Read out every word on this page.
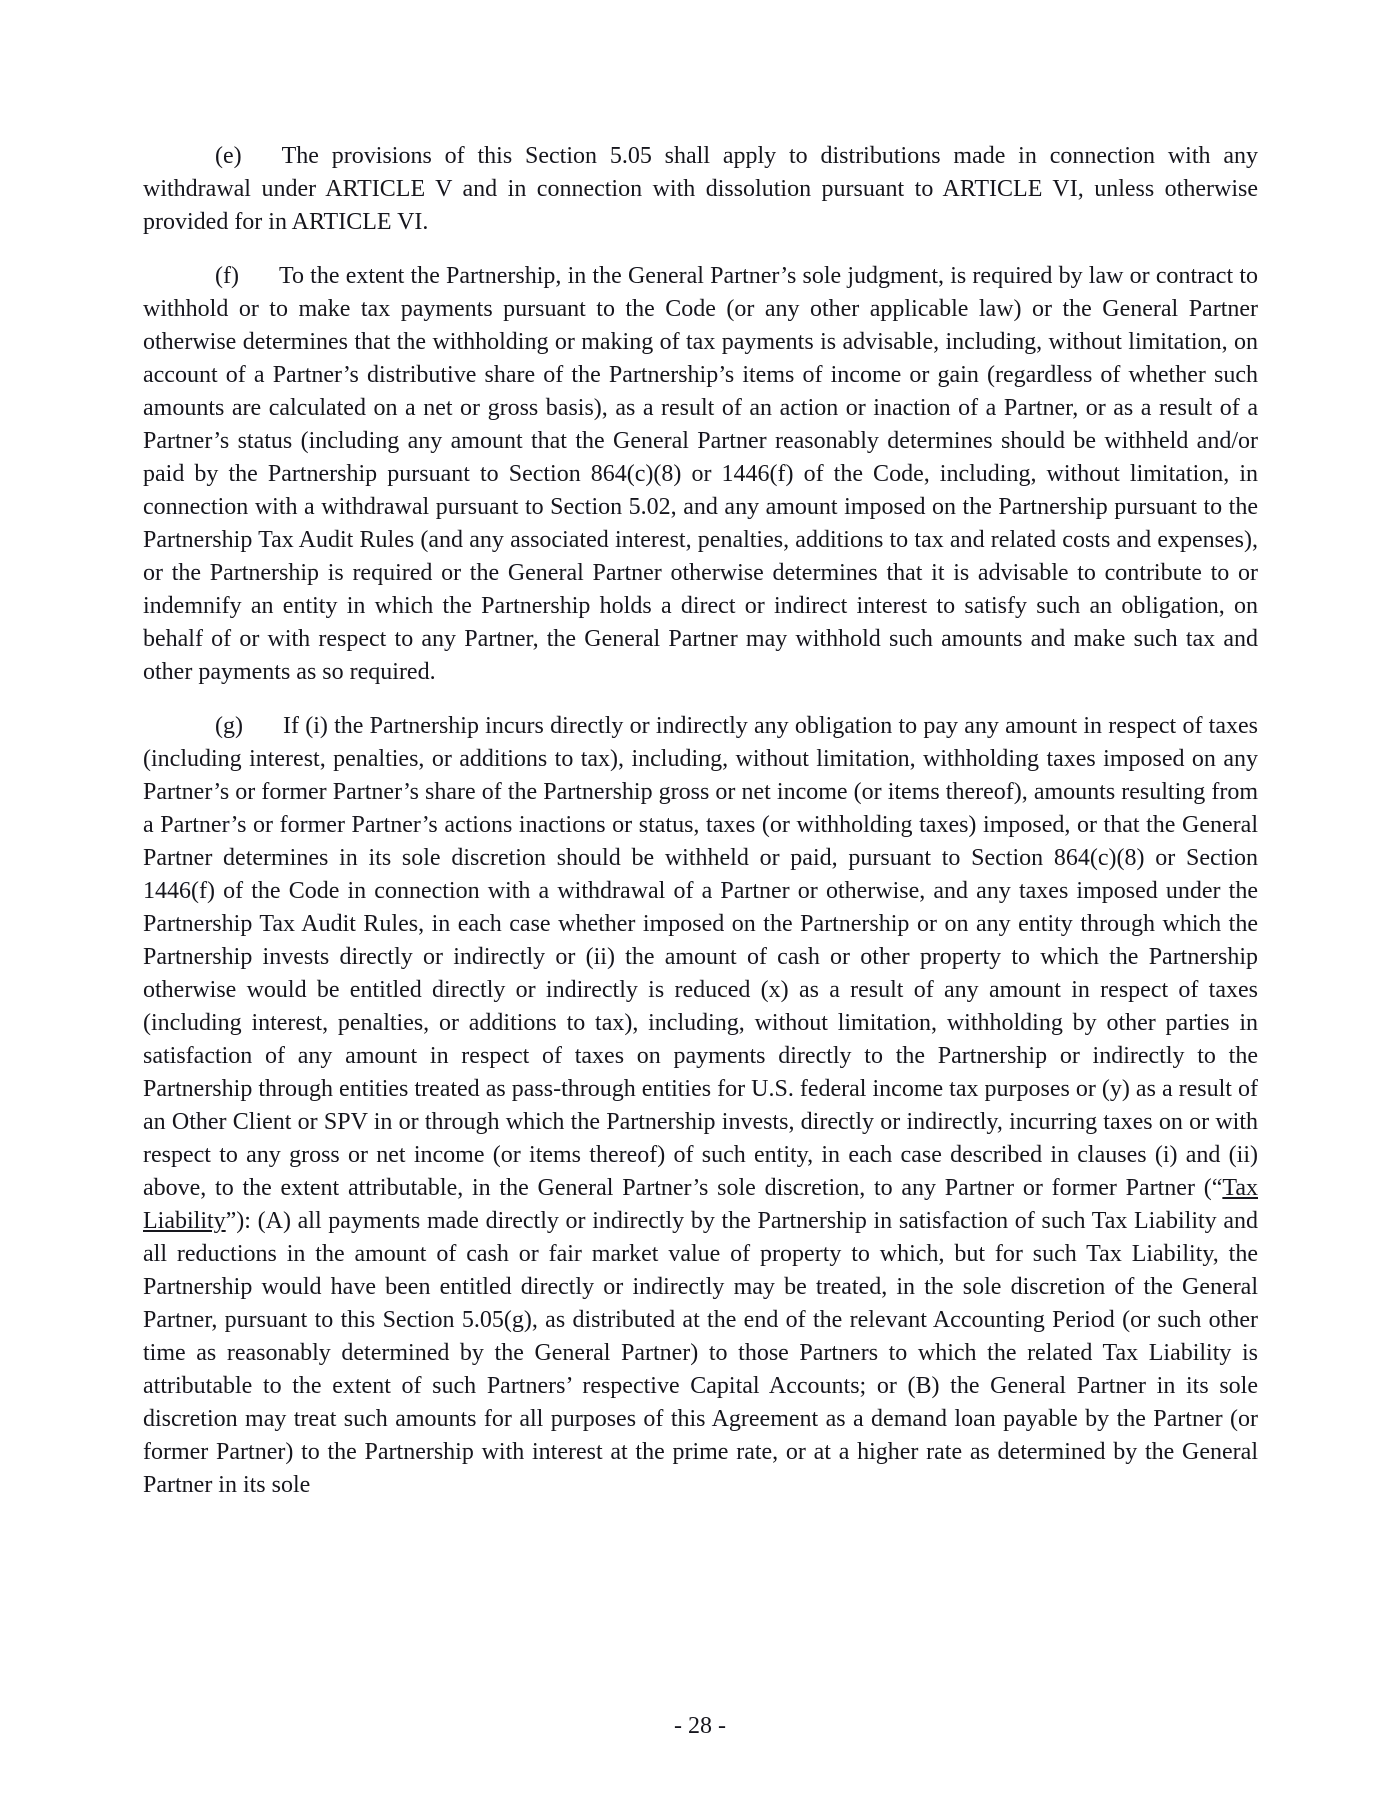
(e) The provisions of this Section 5.05 shall apply to distributions made in connection with any withdrawal under ARTICLE V and in connection with dissolution pursuant to ARTICLE VI, unless otherwise provided for in ARTICLE VI.

(f) To the extent the Partnership, in the General Partner’s sole judgment, is required by law or contract to withhold or to make tax payments pursuant to the Code (or any other applicable law) or the General Partner otherwise determines that the withholding or making of tax payments is advisable, including, without limitation, on account of a Partner’s distributive share of the Partnership’s items of income or gain (regardless of whether such amounts are calculated on a net or gross basis), as a result of an action or inaction of a Partner, or as a result of a Partner’s status (including any amount that the General Partner reasonably determines should be withheld and/or paid by the Partnership pursuant to Section 864(c)(8) or 1446(f) of the Code, including, without limitation, in connection with a withdrawal pursuant to Section 5.02, and any amount imposed on the Partnership pursuant to the Partnership Tax Audit Rules (and any associated interest, penalties, additions to tax and related costs and expenses), or the Partnership is required or the General Partner otherwise determines that it is advisable to contribute to or indemnify an entity in which the Partnership holds a direct or indirect interest to satisfy such an obligation, on behalf of or with respect to any Partner, the General Partner may withhold such amounts and make such tax and other payments as so required.

(g) If (i) the Partnership incurs directly or indirectly any obligation to pay any amount in respect of taxes (including interest, penalties, or additions to tax), including, without limitation, withholding taxes imposed on any Partner’s or former Partner’s share of the Partnership gross or net income (or items thereof), amounts resulting from a Partner’s or former Partner’s actions inactions or status, taxes (or withholding taxes) imposed, or that the General Partner determines in its sole discretion should be withheld or paid, pursuant to Section 864(c)(8) or Section 1446(f) of the Code in connection with a withdrawal of a Partner or otherwise, and any taxes imposed under the Partnership Tax Audit Rules, in each case whether imposed on the Partnership or on any entity through which the Partnership invests directly or indirectly or (ii) the amount of cash or other property to which the Partnership otherwise would be entitled directly or indirectly is reduced (x) as a result of any amount in respect of taxes (including interest, penalties, or additions to tax), including, without limitation, withholding by other parties in satisfaction of any amount in respect of taxes on payments directly to the Partnership or indirectly to the Partnership through entities treated as pass-through entities for U.S. federal income tax purposes or (y) as a result of an Other Client or SPV in or through which the Partnership invests, directly or indirectly, incurring taxes on or with respect to any gross or net income (or items thereof) of such entity, in each case described in clauses (i) and (ii) above, to the extent attributable, in the General Partner’s sole discretion, to any Partner or former Partner (“Tax Liability”): (A) all payments made directly or indirectly by the Partnership in satisfaction of such Tax Liability and all reductions in the amount of cash or fair market value of property to which, but for such Tax Liability, the Partnership would have been entitled directly or indirectly may be treated, in the sole discretion of the General Partner, pursuant to this Section 5.05(g), as distributed at the end of the relevant Accounting Period (or such other time as reasonably determined by the General Partner) to those Partners to which the related Tax Liability is attributable to the extent of such Partners’ respective Capital Accounts; or (B) the General Partner in its sole discretion may treat such amounts for all purposes of this Agreement as a demand loan payable by the Partner (or former Partner) to the Partnership with interest at the prime rate, or at a higher rate as determined by the General Partner in its sole

- 28 -
